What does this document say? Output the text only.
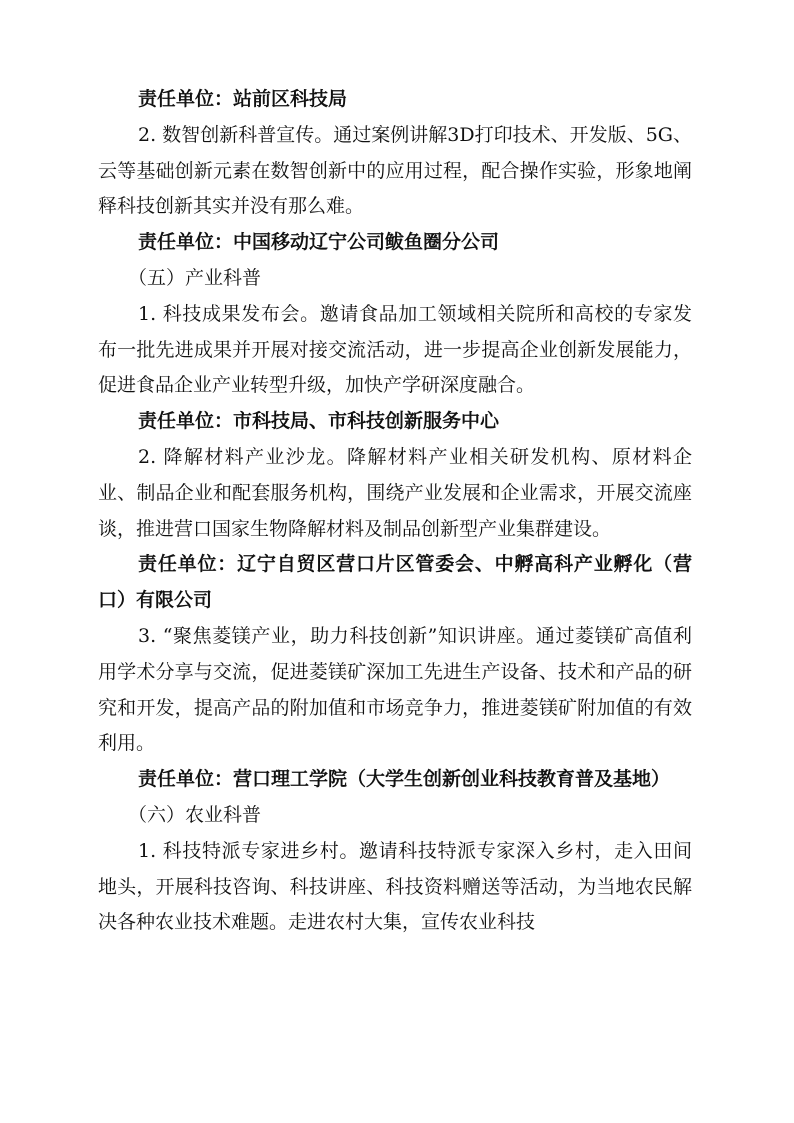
责任单位：站前区科技局

2. 数智创新科普宣传。通过案例讲解3D打印技术、开发版、5G、云等基础创新元素在数智创新中的应用过程，配合操作实验，形象地阐释科技创新其实并没有那么难。

责任单位：中国移动辽宁公司鲅鱼圈分公司

（五）产业科普

1. 科技成果发布会。邀请食品加工领域相关院所和高校的专家发布一批先进成果并开展对接交流活动，进一步提高企业创新发展能力，促进食品企业产业转型升级，加快产学研深度融合。

责任单位：市科技局、市科技创新服务中心

2. 降解材料产业沙龙。降解材料产业相关研发机构、原材料企业、制品企业和配套服务机构，围绕产业发展和企业需求，开展交流座谈，推进营口国家生物降解材料及制品创新型产业集群建设。

责任单位：辽宁自贸区营口片区管委会、中孵高科产业孵化（营口）有限公司

3. “聚焦菱镁产业，助力科技创新”知识讲座。通过菱镁矿高值利用学术分享与交流，促进菱镁矿深加工先进生产设备、技术和产品的研究和开发，提高产品的附加值和市场竞争力，推进菱镁矿附加值的有效利用。

责任单位：营口理工学院（大学生创新创业科技教育普及基地）

（六）农业科普

1. 科技特派专家进乡村。邀请科技特派专家深入乡村，走入田间地头，开展科技咨询、科技讲座、科技资料赠送等活动，为当地农民解决各种农业技术难题。走进农村大集，宣传农业科技
